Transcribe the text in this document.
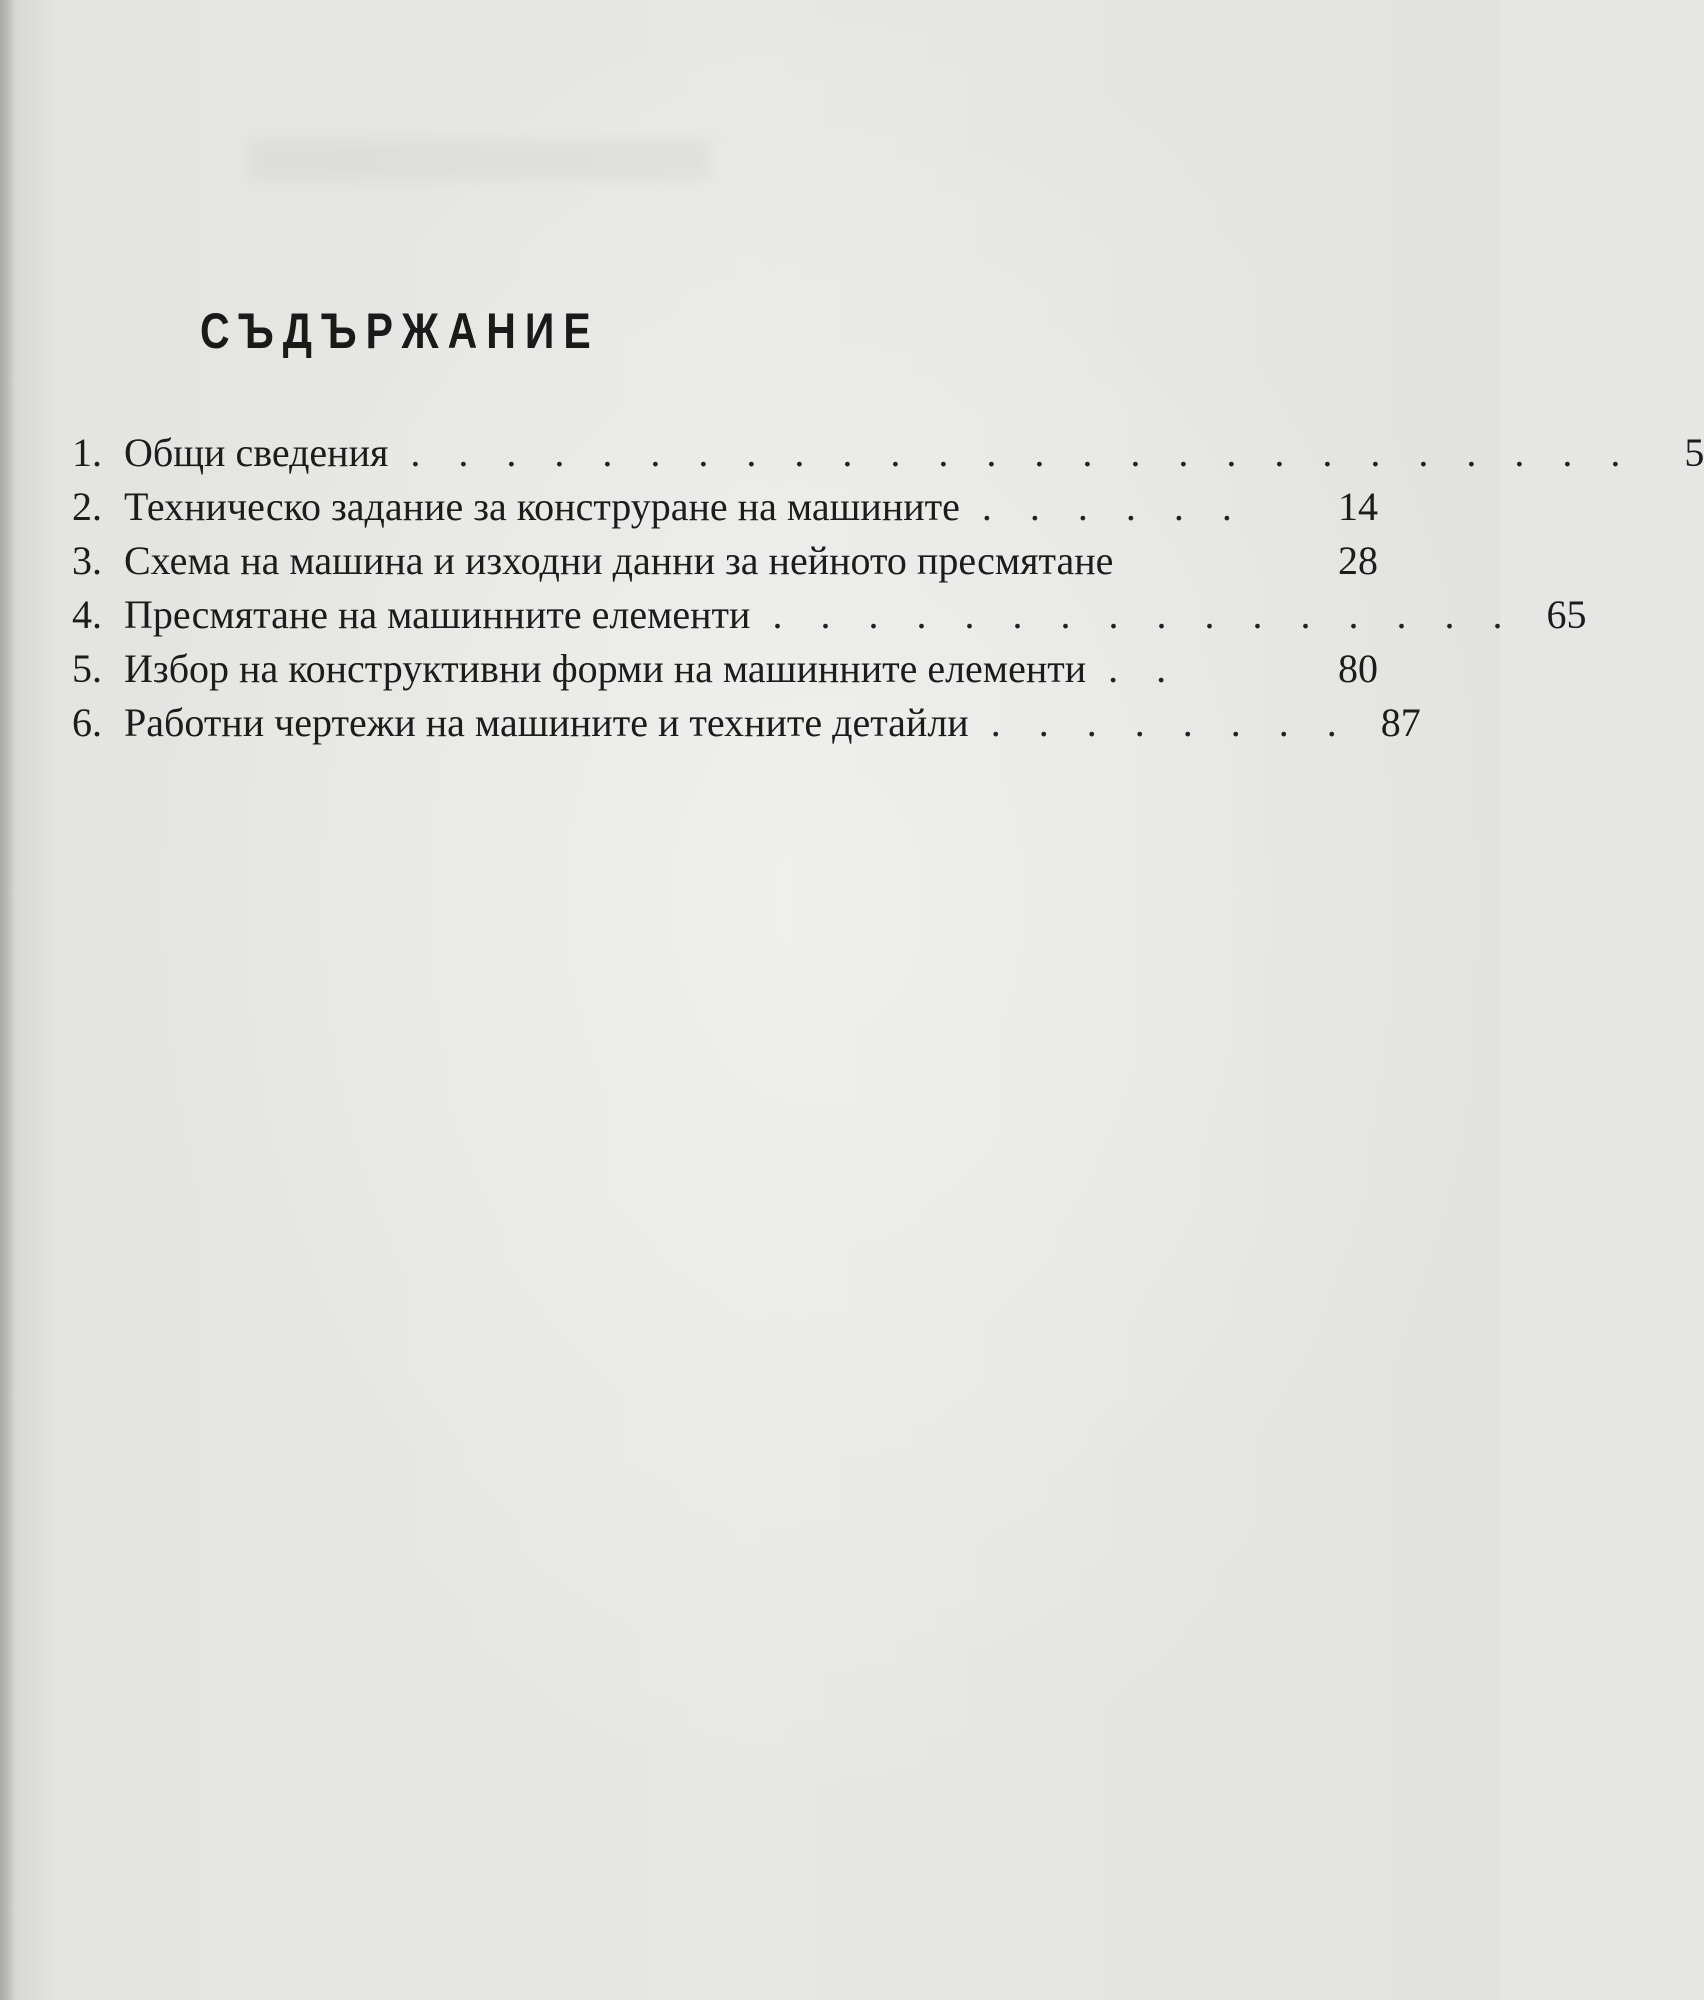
СЪДЪРЖАНИЕ
1. Общи сведения . . . . . . . . . . . . . . . . . . . . . . . . . .	5
2. Техническо задание за конструране на машините . . . . . .	14
3. Схема на машина и изходни данни за нейното пресмятане	28
4. Пресмятане на машинните елементи . . . . . . . . . . . . . . . . 65
5. Избор на конструктивни форми на машинните елементи . .	80
6. Работни чертежи на машините и техните детайли . . . . . . . . 87
